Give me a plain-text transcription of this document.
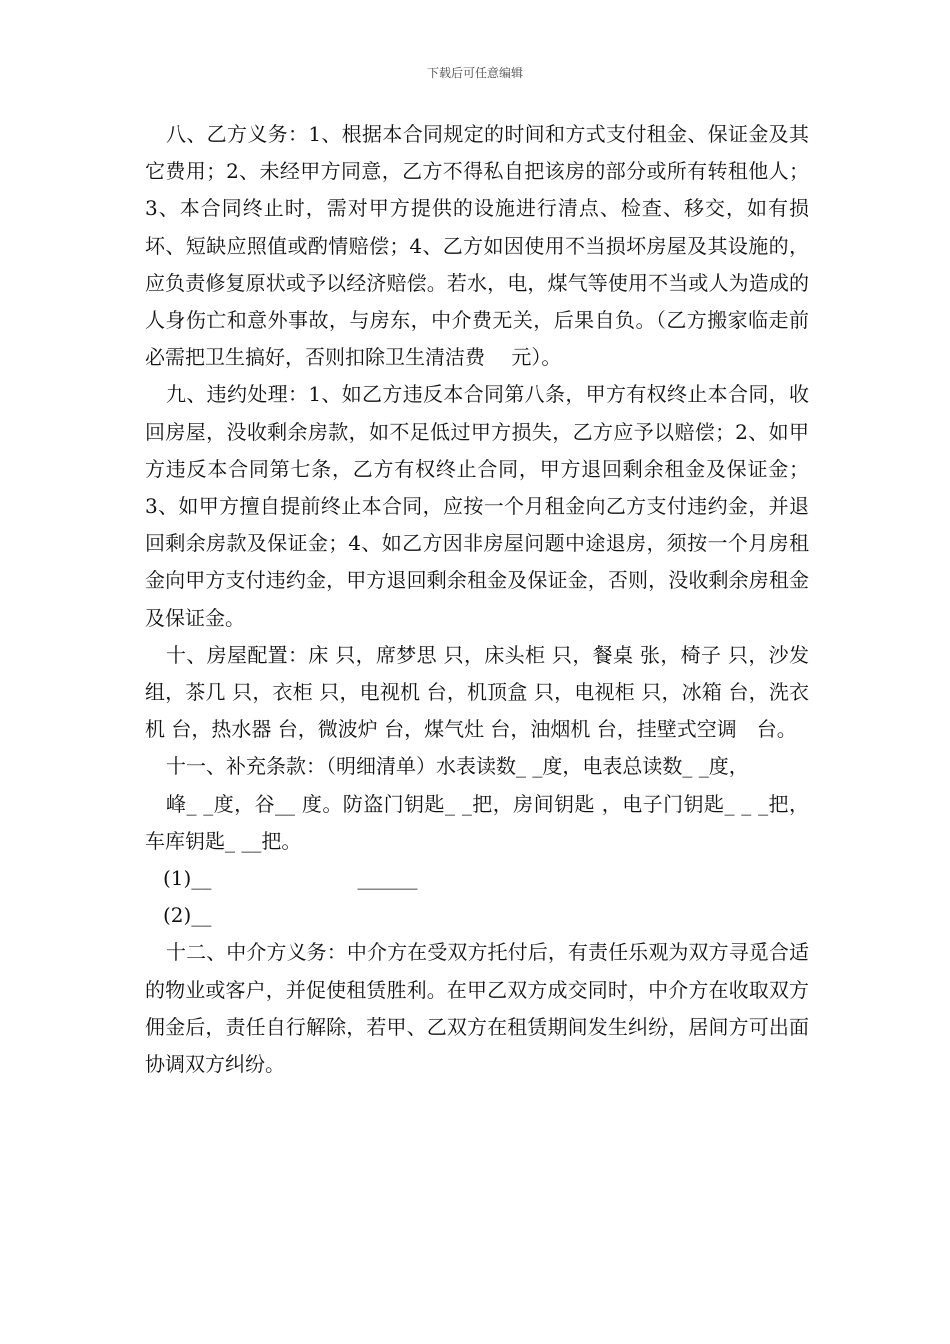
下载后可任意编辑

八、乙方义务：1、根据本合同规定的时间和方式支付租金、保证金及其它费用；2、未经甲方同意，乙方不得私自把该房的部分或所有转租他人；3、本合同终止时，需对甲方提供的设施进行清点、检查、移交，如有损坏、短缺应照值或酌情赔偿；4、乙方如因使用不当损坏房屋及其设施的，应负责修复原状或予以经济赔偿。若水，电，煤气等使用不当或人为造成的人身伤亡和意外事故，与房东，中介费无关，后果自负。（乙方搬家临走前必需把卫生搞好，否则扣除卫生清洁费　 元）。

九、违约处理：1、如乙方违反本合同第八条，甲方有权终止本合同，收回房屋，没收剩余房款，如不足低过甲方损失，乙方应予以赔偿；2、如甲方违反本合同第七条，乙方有权终止合同，甲方退回剩余租金及保证金；3、如甲方擅自提前终止本合同，应按一个月租金向乙方支付违约金，并退回剩余房款及保证金；4、如乙方因非房屋问题中途退房，须按一个月房租金向甲方支付违约金，甲方退回剩余租金及保证金，否则，没收剩余房租金及保证金。

十、房屋配置：床 只，席梦思 只，床头柜 只，餐桌 张，椅子 只，沙发 组，茶几 只，衣柜 只，电视机 台，机顶盒 只，电视柜 只，冰箱 台，洗衣机 台，热水器 台，微波炉 台，煤气灶 台，油烟机 台，挂壁式空调　台。

十一、补充条款：（明细清单）水表读数_ _度，电表总读数_ _度，

峰_ _度，谷__ 度。防盗门钥匙_ _把，房间钥匙 ，电子门钥匙_ _ _把，车库钥匙_ __把。

(1)__                       ______

(2)__

十二、中介方义务：中介方在受双方托付后，有责任乐观为双方寻觅合适的物业或客户，并促使租赁胜利。在甲乙双方成交同时，中介方在收取双方佣金后，责任自行解除，若甲、乙双方在租赁期间发生纠纷，居间方可出面协调双方纠纷。
